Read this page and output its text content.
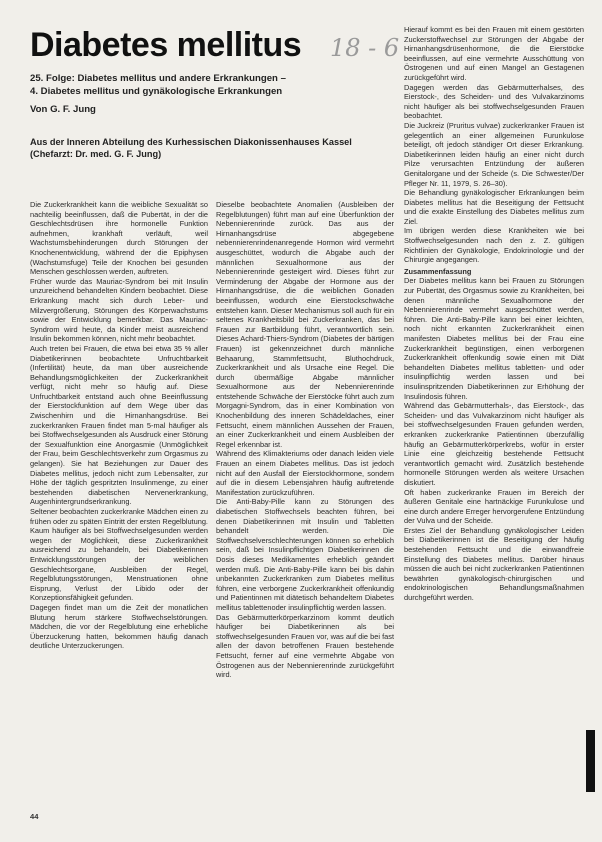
Diabetes mellitus 18 - 6
25. Folge: Diabetes mellitus und andere Erkrankungen –
4. Diabetes mellitus und gynäkologische Erkrankungen
Von G. F. Jung
Aus der Inneren Abteilung des Kurhessischen Diakonissenhauses Kassel
(Chefarzt: Dr. med. G. F. Jung)

Die Zuckerkrankheit kann die weibliche Sexualität so nachteilig beeinflussen, daß die Pubertät, in der die Geschlechtsdrüsen ihre hormonelle Funktion aufnehmen, krankhaft verläuft, weil Wachstumsbehinderungen durch Störungen der Knochenentwicklung, während der die Epiphysen (Wachstumsfuge) Teile der Knochen bei gesunden Menschen geschlossen werden, auftreten.

Früher wurde das Mauriac-Syndrom bei mit Insulin unzureichend behandelten Kindern beobachtet. Diese Erkrankung macht sich durch Leber- und Milzvergrößerung, Störungen des Körperwachstums sowie der Entwicklung bemerkbar. Das Mauriac-Syndrom wird heute, da Kinder meist ausreichend Insulin bekommen können, nicht mehr beobachtet.

Auch treten bei Frauen, die etwa bei etwa 35 % aller Diabetikerinnen beobachtete Unfruchtbarkeit (Infertilität) heute, da man über ausreichende Behandlungsmöglichkeiten der Zuckerkrankheit verfügt, nicht mehr so häufig auf. Diese Unfruchtbarkeit entstand auch ohne Beeinflussung der Eierstockfunktion auf dem Wege über das Zwischenhirn und die Hirnanhangsdrüse. Bei zuckerkranken Frauen findet man 5-mal häufiger als bei Stoffwechselgesunden als Ausdruck einer Störung der Sexualfunktion eine Anorgasmie (Unmöglichkeit der Frau, beim Geschlechtsverkehr zum Orgasmus zu gelangen). Sie hat Beziehungen zur Dauer des Diabetes mellitus, jedoch nicht zum Lebensalter, zur Höhe der täglich gespritzten Insulinmenge, zu einer bestehenden diabetischen Nervenerkrankung, Augenhintergrundserkrankung.

Seltener beobachten zuckerkranke Mädchen einen zu frühen oder zu späten Eintritt der ersten Regelblutung. Kaum häufiger als bei Stoffwechselgesunden werden wegen der Möglichkeit, diese Zuckerkrankheit ausreichend zu behandeln, bei Diabetikerinnen Entwicklungsstörungen der weiblichen Geschlechtsorgane, Ausbleiben der Regel, Regelblutungsstörungen, Menstruationen ohne Eisprung, Verlust der Libido oder der Konzeptionsfähigkeit gefunden.

Dagegen findet man um die Zeit der monatlichen Blutung herum stärkere Stoffwechselstörungen. Mädchen, die vor der Regelblutung eine erhebliche Überzuckerung hatten, bekommen häufig danach deutliche Unterzuckerungen.

Dieselbe beobachtete Anomalien (Ausbleiben der Regelblutungen) führt man auf eine Überfunktion der Nebennierenrinde zurück. Das aus der Hirnanhangsdrüse abgegebene nebennierenrindenanregende Hormon wird vermehrt ausgeschüttet, wodurch die Abgabe auch der männlichen Sexualhormone aus der Nebennierenrinde gesteigert wird. Dieses führt zur Verminderung der Abgabe der Hormone aus der Hirnanhangsdrüse, die die weiblichen Gonaden beeinflussen, wodurch eine Eierstockschwäche entstehen kann. Dieser Mechanismus soll auch für ein seltenes Krankheitsbild bei Zuckerkranken, das bei Frauen zur Bartbildung führt, verantwortlich sein. Dieses Achard-Thiers-Syndrom (Diabetes der bärtigen Frauen) ist gekennzeichnet durch männliche Behaarung, Stammfettsucht, Bluthochdruck, Zuckerkrankheit und als Ursache eine Regel. Die durch übermäßige Abgabe männlicher Sexualhormone aus der Nebennierenrinde entstehende Schwäche der Eierstöcke führt auch zum Morgagni-Syndrom, das in einer Kombination von Knochenbildung des inneren Schädeldaches, einer Fettsucht, einem männlichen Aussehen der Frauen, an einer Zuckerkrankheit und einem Ausbleiben der Regel erkennbar ist.

Während des Klimakteriums oder danach leiden viele Frauen an einem Diabetes mellitus. Das ist jedoch nicht auf den Ausfall der Eierstockhormone, sondern auf die in diesem Lebensjahren häufig auftretende Manifestation zurückzuführen.

Die Anti-Baby-Pille kann zu Störungen des diabetischen Stoffwechsels beachten führen, bei denen Diabetikerinnen mit Insulin und Tabletten behandelt werden. Die Stoffwechselverschlechterungen können so erheblich sein, daß bei Insulinpflichtigen Diabetikerinnen die Dosis dieses Medikamentes erheblich geändert werden muß. Die Anti-Baby-Pille kann bei bis dahin unbekannten Zuckerkranken zum Diabetes mellitus führen, eine verborgene Zuckerkrankheit offenkundig und Patientinnen mit diätetisch behandeltem Diabetes mellitus tablettenoder insulinpflichtig werden lassen.

Das Gebärmutterkörperkarzinom kommt deutlich häufiger bei Diabetikerinnen als bei stoffwechselgesunden Frauen vor, was auf die bei fast allen der davon betroffenen Frauen bestehende Fettsucht, ferner auf eine vermehrte Abgabe von Östrogenen aus der Nebennierenrinde zurückgeführt wird.

Hierauf kommt es bei den Frauen mit einem gestörten Zuckerstoffwechsel zur Störungen der Abgabe der Hirnanhangsdrüsenhormone, die die Eierstöcke beeinflussen, auf eine vermehrte Ausschüttung von Östrogenen und auf einen Mangel an Gestagenen zurückgeführt wird.

Dagegen werden das Gebärmutterhalses, des Eierstock-, des Scheiden- und des Vulvakarzinoms nicht häufiger als bei stoffwechselgesunden Frauen beobachtet.

Die Juckreiz (Pruritus vulvae) zuckerkranker Frauen ist gelegentlich an einer allgemeinen Furunkulose beteiligt, oft jedoch ständiger Ort dieser Erkrankung. Diabetikerinnen leiden häufig an einer nicht durch Pilze verursachten Entzündung der äußeren Genitalorgane und der Scheide (s. Die Schwester/Der Pfleger Nr. 11, 1979, S. 26–30).

Die Behandlung gynäkologischer Erkrankungen beim Diabetes mellitus hat die Beseitigung der Fettsucht und die exakte Einstellung des Diabetes mellitus zum Ziel.

Im übrigen werden diese Krankheiten wie bei Stoffwechselgesunden nach den z. Z. gültigen Richtlinien der Gynäkologie, Endokrinologie und der Chirurgie angegangen.

Zusammenfassung

Der Diabetes mellitus kann bei Frauen zu Störungen zur Pubertät, des Orgasmus sowie zu Krankheiten, bei denen männliche Sexualhormone der Nebennierenrinde vermehrt ausgeschüttet werden, führen. Die Anti-Baby-Pille kann bei einer leichten, noch nicht erkannten Zuckerkrankheit einen manifesten Diabetes mellitus bei der Frau eine Zuckerkrankheit begünstigen, einen verborgenen Zuckerkrankheit offenkundig sowie einen mit Diät behandelten Diabetes mellitus tabletten- und oder insulinpflichtig werden lassen und bei insulinspritzenden Diabetikerinnen zur Erhöhung der Insulindosis führen.

Während das Gebärmutterhals-, das Eierstock-, das Scheiden- und das Vulvakarzinom nicht häufiger als bei stoffwechselgesunden Frauen gefunden werden, erkranken zuckerkranke Patientinnen überzufällig häufig an Gebärmutterkörperkrebs, wofür in erster Linie eine gleichzeitig bestehende Fettsucht verantwortlich gemacht wird. Zusätzlich bestehende hormonelle Störungen werden als weitere Ursachen diskutiert.

Oft haben zuckerkranke Frauen im Bereich der äußeren Genitale eine hartnäckige Furunkulose und eine durch andere Erreger hervorgerufene Entzündung der Vulva und der Scheide.

Erstes Ziel der Behandlung gynäkologischer Leiden bei Diabetikerinnen ist die Beseitigung der häufig bestehenden Fettsucht und die einwandfreie Einstellung des Diabetes mellitus. Darüber hinaus müssen die auch bei nicht zuckerkranken Patientinnen bewährten gynäkologisch-chirurgischen und endokrinologischen Behandlungsmaßnahmen durchgeführt werden.

44
